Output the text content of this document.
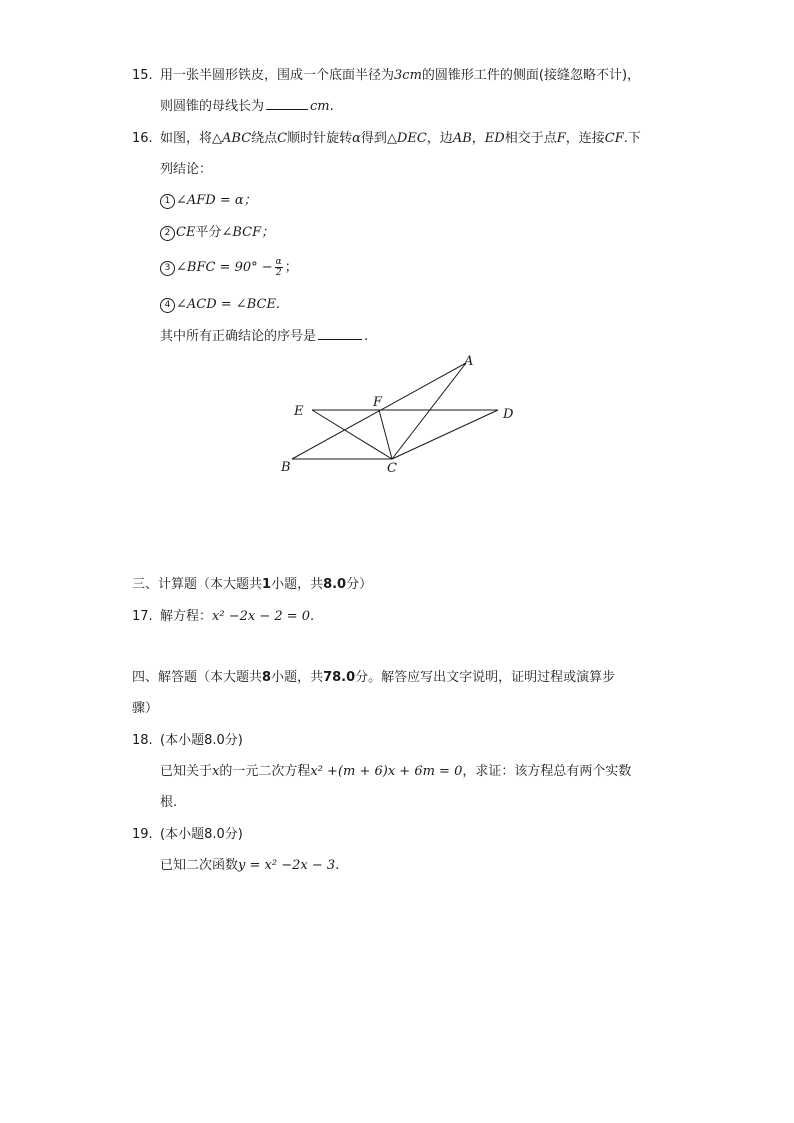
15. 用一张半圆形铁皮，围成一个底面半径为3cm的圆锥形工件的侧面(接缝忽略不计)，
则圆锥的母线长为	cm.
16. 如图，将△ABC绕点C顺时针旋转α得到△DEC，边AB，ED相交于点F，连接CF.下
列结论：
1 ∠AFD = α；
2 CE平分∠BCF；
3 ∠BFC = $90^\circ - \frac{\alpha}{2}$ ；
4 ∠ACD = ∠BCE.
其中所有正确结论的序号是	.
A
E
F
D
B	C
三、计算题（本大题共1小题，共8.0分）
17. 解方程：x² −2x − 2 = 0.
四、解答题（本大题共8小题，共78.0分。解答应写出文字说明，证明过程或演算步
骤）
18. (本小题8.0分)
已知关于x的一元二次方程x² +(m + 6)x + 6m = 0，求证：该方程总有两个实数
根.
19. (本小题8.0分)
已知二次函数y = x² −2x − 3.
